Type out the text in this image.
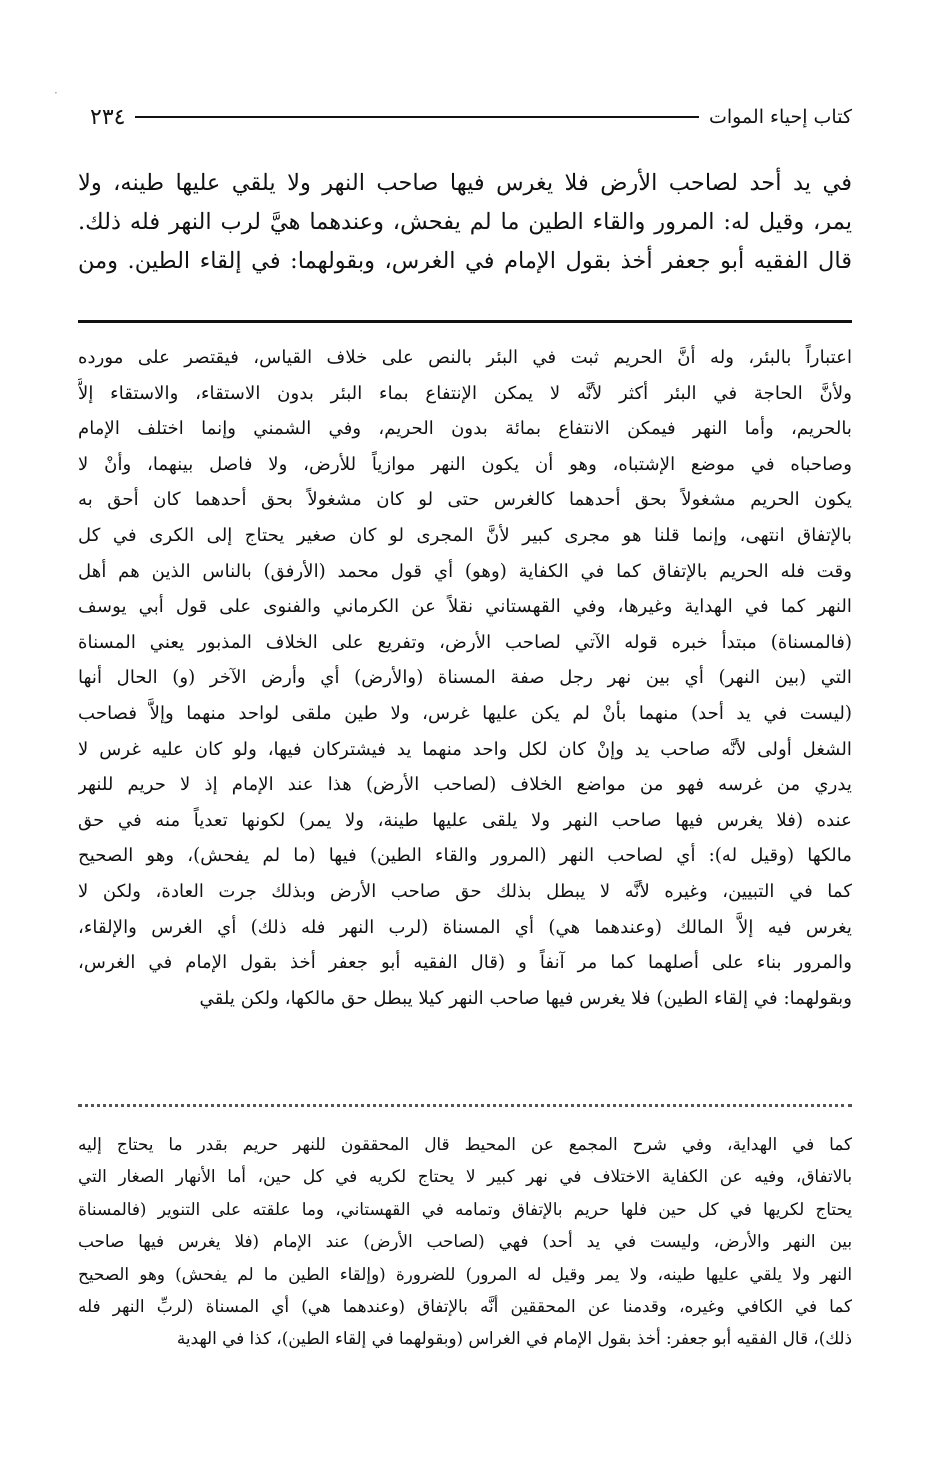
·
كتاب إحياء الموات
٢٣٤
في يد أحد لصاحب الأرض فلا يغرس فيها صاحب النهر ولا يلقي عليها طينه، ولا
يمر، وقيل له: المرور والقاء الطين ما لم يفحش، وعندهما هيَّ لرب النهر فله ذلك.
قال الفقيه أبو جعفر أخذ بقول الإمام في الغرس، وبقولهما: في إلقاء الطين. ومن
اعتباراً بالبئر، وله أنَّ الحريم ثبت في البئر بالنص على خلاف القياس، فيقتصر على مورده
ولأنَّ الحاجة في البئر أكثر لأنَّه لا يمكن الإنتفاع بماء البئر بدون الاستقاء، والاستقاء إلاَّ
بالحريم، وأما النهر فيمكن الانتفاع بمائة بدون الحريم، وفي الشمني وإنما اختلف الإمام
وصاحباه في موضع الإشتباه، وهو أن يكون النهر موازياً للأرض، ولا فاصل بينهما، وأنْ لا
يكون الحريم مشغولاً بحق أحدهما كالغرس حتى لو كان مشغولاً بحق أحدهما كان أحق به
بالإتفاق انتهى، وإنما قلنا هو مجرى كبير لأنَّ المجرى لو كان صغير يحتاج إلى الكرى في كل
وقت فله الحريم بالإتفاق كما في الكفاية (وهو) أي قول محمد (الأرفق) بالناس الذين هم أهل
النهر كما في الهداية وغيرها، وفي القهستاني نقلاً عن الكرماني والفنوى على قول أبي يوسف
(فالمسناة) مبتدأ خبره قوله الآتي لصاحب الأرض، وتفريع على الخلاف المذبور يعني المسناة
التي (بين النهر) أي بين نهر رجل صفة المسناة (والأرض) أي وأرض الآخر (و) الحال أنها
(ليست في يد أحد) منهما بأنْ لم يكن عليها غرس، ولا طين ملقى لواحد منهما وإلاَّ فصاحب
الشغل أولى لأنَّه صاحب يد وإنْ كان لكل واحد منهما يد فيشتركان فيها، ولو كان عليه غرس لا
يدري من غرسه فهو من مواضع الخلاف (لصاحب الأرض) هذا عند الإمام إذ لا حريم للنهر
عنده (فلا يغرس فيها صاحب النهر ولا يلقى عليها طينة، ولا يمر) لكونها تعدياً منه في حق
مالكها (وقيل له): أي لصاحب النهر (المرور والقاء الطين) فيها (ما لم يفحش)، وهو الصحيح
كما في التبيين، وغيره لأنَّه لا يبطل بذلك حق صاحب الأرض وبذلك جرت العادة، ولكن لا
يغرس فيه إلاَّ المالك (وعندهما هي) أي المسناة (لرب النهر فله ذلك) أي الغرس والإلقاء،
والمرور بناء على أصلهما كما مر آنفاً و (قال الفقيه أبو جعفر أخذ بقول الإمام في الغرس،
وبقولهما: في إلقاء الطين) فلا يغرس فيها صاحب النهر كيلا يبطل حق مالكها، ولكن يلقي
كما في الهداية، وفي شرح المجمع عن المحيط قال المحققون للنهر حريم بقدر ما يحتاج إليه
بالاتفاق، وفيه عن الكفاية الاختلاف في نهر كبير لا يحتاج لكريه في كل حين، أما الأنهار الصغار التي
يحتاج لكريها في كل حين فلها حريم بالإتفاق وتمامه في القهستاني، وما علقته على التنوير (فالمسناة
بين النهر والأرض، وليست في يد أحد) فهي (لصاحب الأرض) عند الإمام (فلا يغرس فيها صاحب
النهر ولا يلقي عليها طينه، ولا يمر وقيل له المرور) للضرورة (وإلقاء الطين ما لم يفحش) وهو الصحيح
كما في الكافي وغيره، وقدمنا عن المحققين أنَّه بالإتفاق (وعندهما هي) أي المسناة (لربِّ النهر فله
ذلك)، قال الفقيه أبو جعفر: أخذ بقول الإمام في الغراس (وبقولهما في إلقاء الطين)، كذا في الهدية
